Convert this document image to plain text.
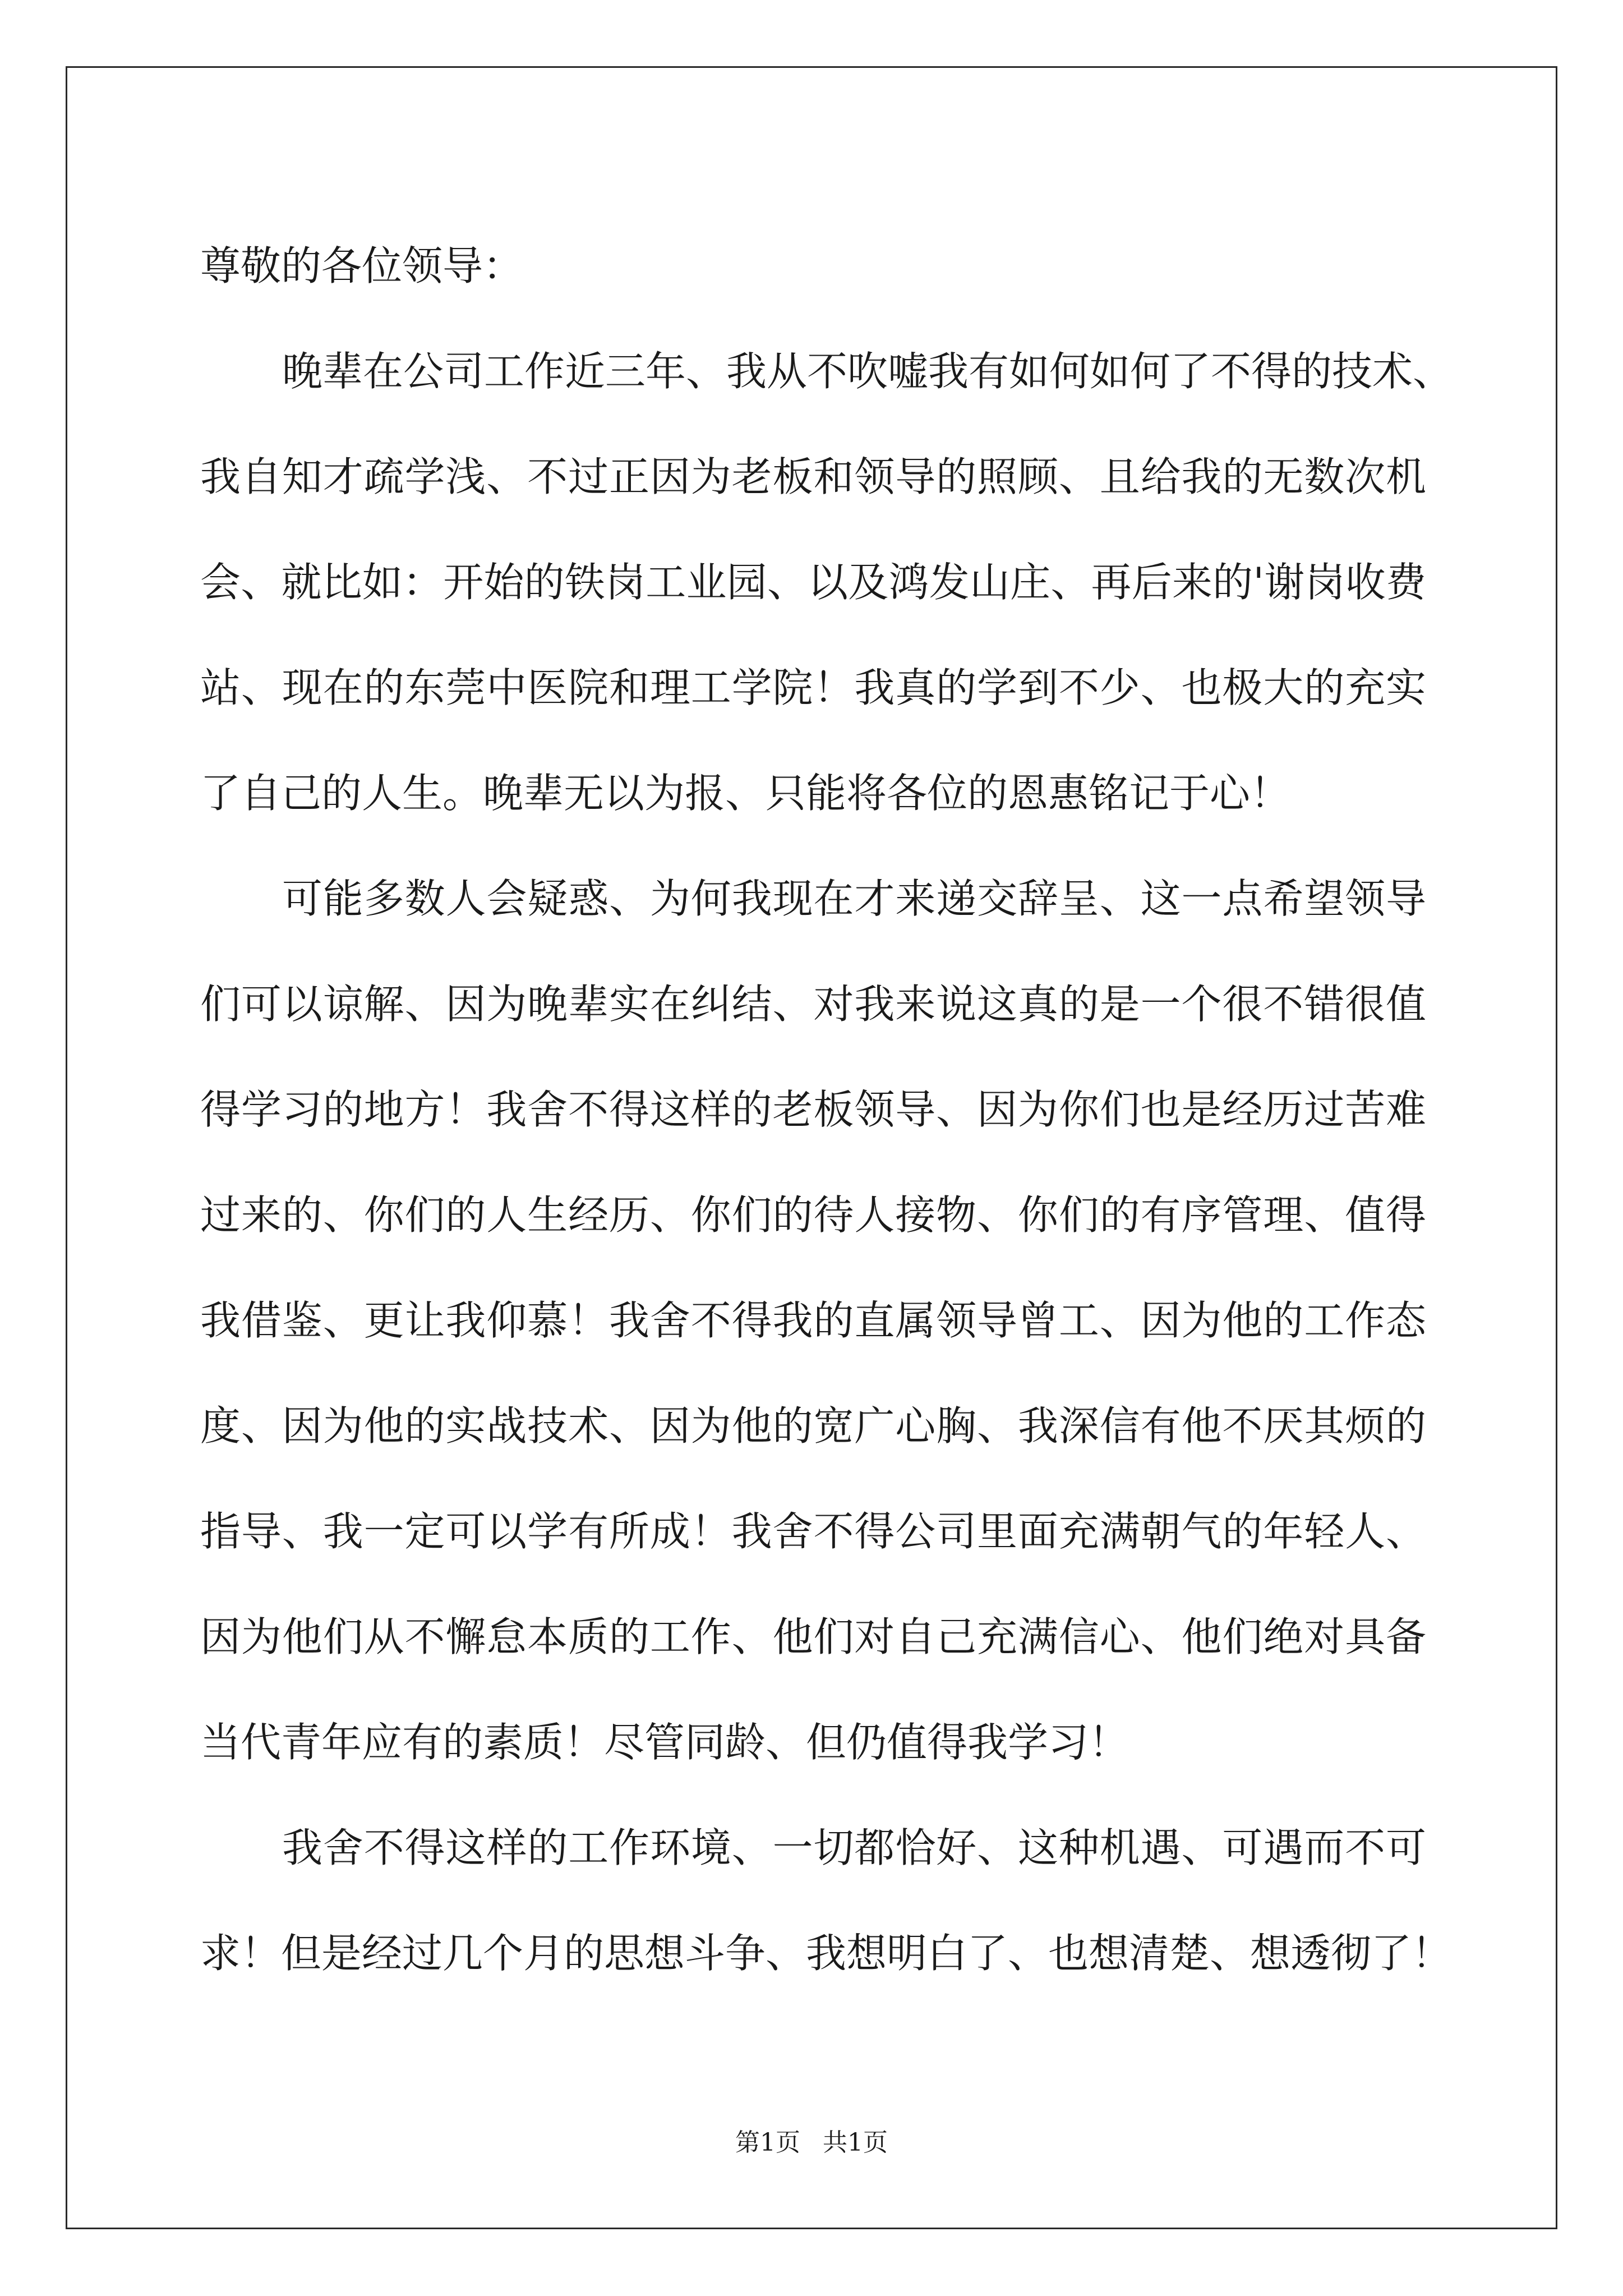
尊敬的各位领导：
晚辈在公司工作近三年、我从不吹嘘我有如何如何了不得的技术、
我自知才疏学浅、不过正因为老板和领导的照顾、且给我的无数次机
会、就比如：开始的铁岗工业园、以及鸿发山庄、再后来的'谢岗收费
站、现在的东莞中医院和理工学院！我真的学到不少、也极大的充实
了自己的人生。晚辈无以为报、只能将各位的恩惠铭记于心！
可能多数人会疑惑、为何我现在才来递交辞呈、这一点希望领导
们可以谅解、因为晚辈实在纠结、对我来说这真的是一个很不错很值
得学习的地方！我舍不得这样的老板领导、因为你们也是经历过苦难
过来的、你们的人生经历、你们的待人接物、你们的有序管理、值得
我借鉴、更让我仰慕！我舍不得我的直属领导曾工、因为他的工作态
度、因为他的实战技术、因为他的宽广心胸、我深信有他不厌其烦的
指导、我一定可以学有所成！我舍不得公司里面充满朝气的年轻人、
因为他们从不懈怠本质的工作、他们对自己充满信心、他们绝对具备
当代青年应有的素质！尽管同龄、但仍值得我学习！
我舍不得这样的工作环境、一切都恰好、这种机遇、可遇而不可
求！但是经过几个月的思想斗争、我想明白了、也想清楚、想透彻了！
第1页 共1页
